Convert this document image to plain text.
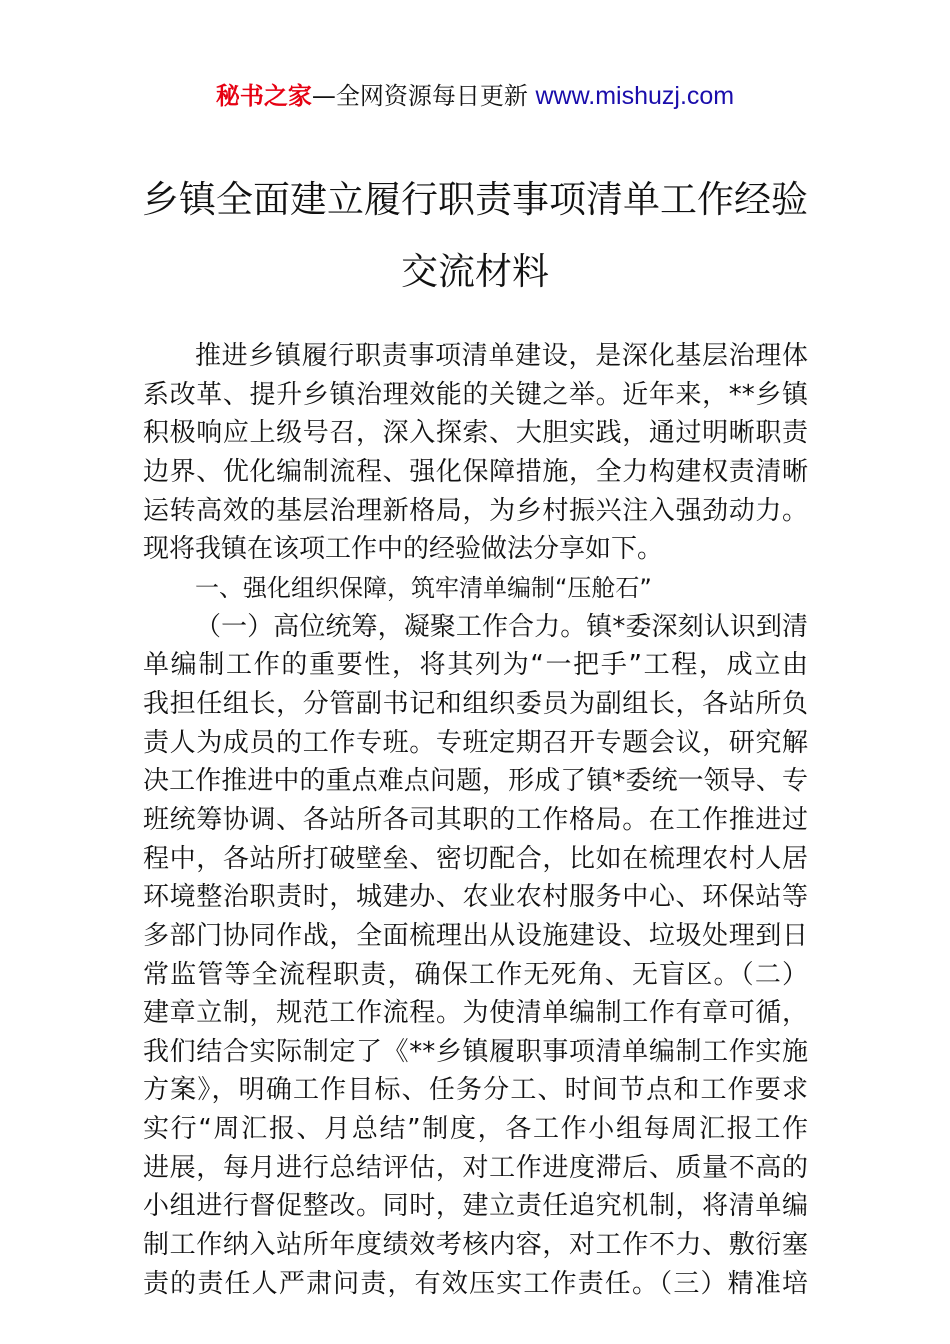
秘书之家—全网资源每日更新 www.mishuzj.com
乡镇全面建立履行职责事项清单工作经验
交流材料
推进乡镇履行职责事项清单建设，是深化基层治理体
系改革、提升乡镇治理效能的关键之举。近年来，**乡镇
积极响应上级号召，深入探索、大胆实践，通过明晰职责
边界、优化编制流程、强化保障措施，全力构建权责清晰
运转高效的基层治理新格局，为乡村振兴注入强劲动力。
现将我镇在该项工作中的经验做法分享如下。
一、强化组织保障，筑牢清单编制“压舱石”
（一）高位统筹，凝聚工作合力。镇*委深刻认识到清
单编制工作的重要性，将其列为“一把手”工程，成立由
我担任组长，分管副书记和组织委员为副组长，各站所负
责人为成员的工作专班。专班定期召开专题会议，研究解
决工作推进中的重点难点问题，形成了镇*委统一领导、专
班统筹协调、各站所各司其职的工作格局。在工作推进过
程中，各站所打破壁垒、密切配合，比如在梳理农村人居
环境整治职责时，城建办、农业农村服务中心、环保站等
多部门协同作战，全面梳理出从设施建设、垃圾处理到日
常监管等全流程职责，确保工作无死角、无盲区。（二）
建章立制，规范工作流程。为使清单编制工作有章可循，
我们结合实际制定了《**乡镇履职事项清单编制工作实施
方案》，明确工作目标、任务分工、时间节点和工作要求
实行“周汇报、月总结”制度，各工作小组每周汇报工作
进展，每月进行总结评估，对工作进度滞后、质量不高的
小组进行督促整改。同时，建立责任追究机制，将清单编
制工作纳入站所年度绩效考核内容，对工作不力、敷衍塞
责的责任人严肃问责，有效压实工作责任。（三）精准培
